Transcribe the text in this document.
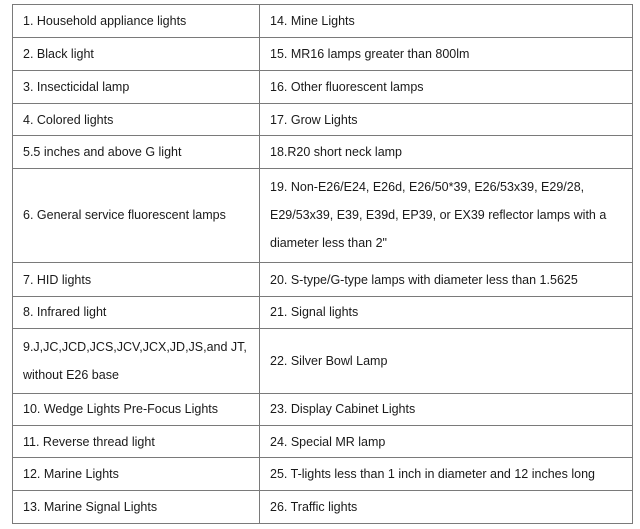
1. Household appliance lights	14. Mine Lights
2. Black light	15. MR16 lamps greater than 800lm
3. Insecticidal lamp	16. Other fluorescent lamps
4. Colored lights	17. Grow Lights
5.5 inches and above G light	18.R20 short neck lamp
6. General service fluorescent lamps	19. Non-E26/E24, E26d, E26/50*39, E26/53x39, E29/28, E29/53x39, E39, E39d, EP39, or EX39 reflector lamps with a diameter less than 2"
7. HID lights	20. S-type/G-type lamps with diameter less than 1.5625
8. Infrared light	21. Signal lights
9.J,JC,JCD,JCS,JCV,JCX,JD,JS,and JT, without E26 base	22. Silver Bowl Lamp
10. Wedge Lights Pre-Focus Lights	23. Display Cabinet Lights
11. Reverse thread light	24. Special MR lamp
12. Marine Lights	25. T-lights less than 1 inch in diameter and 12 inches long
13. Marine Signal Lights	26. Traffic lights
